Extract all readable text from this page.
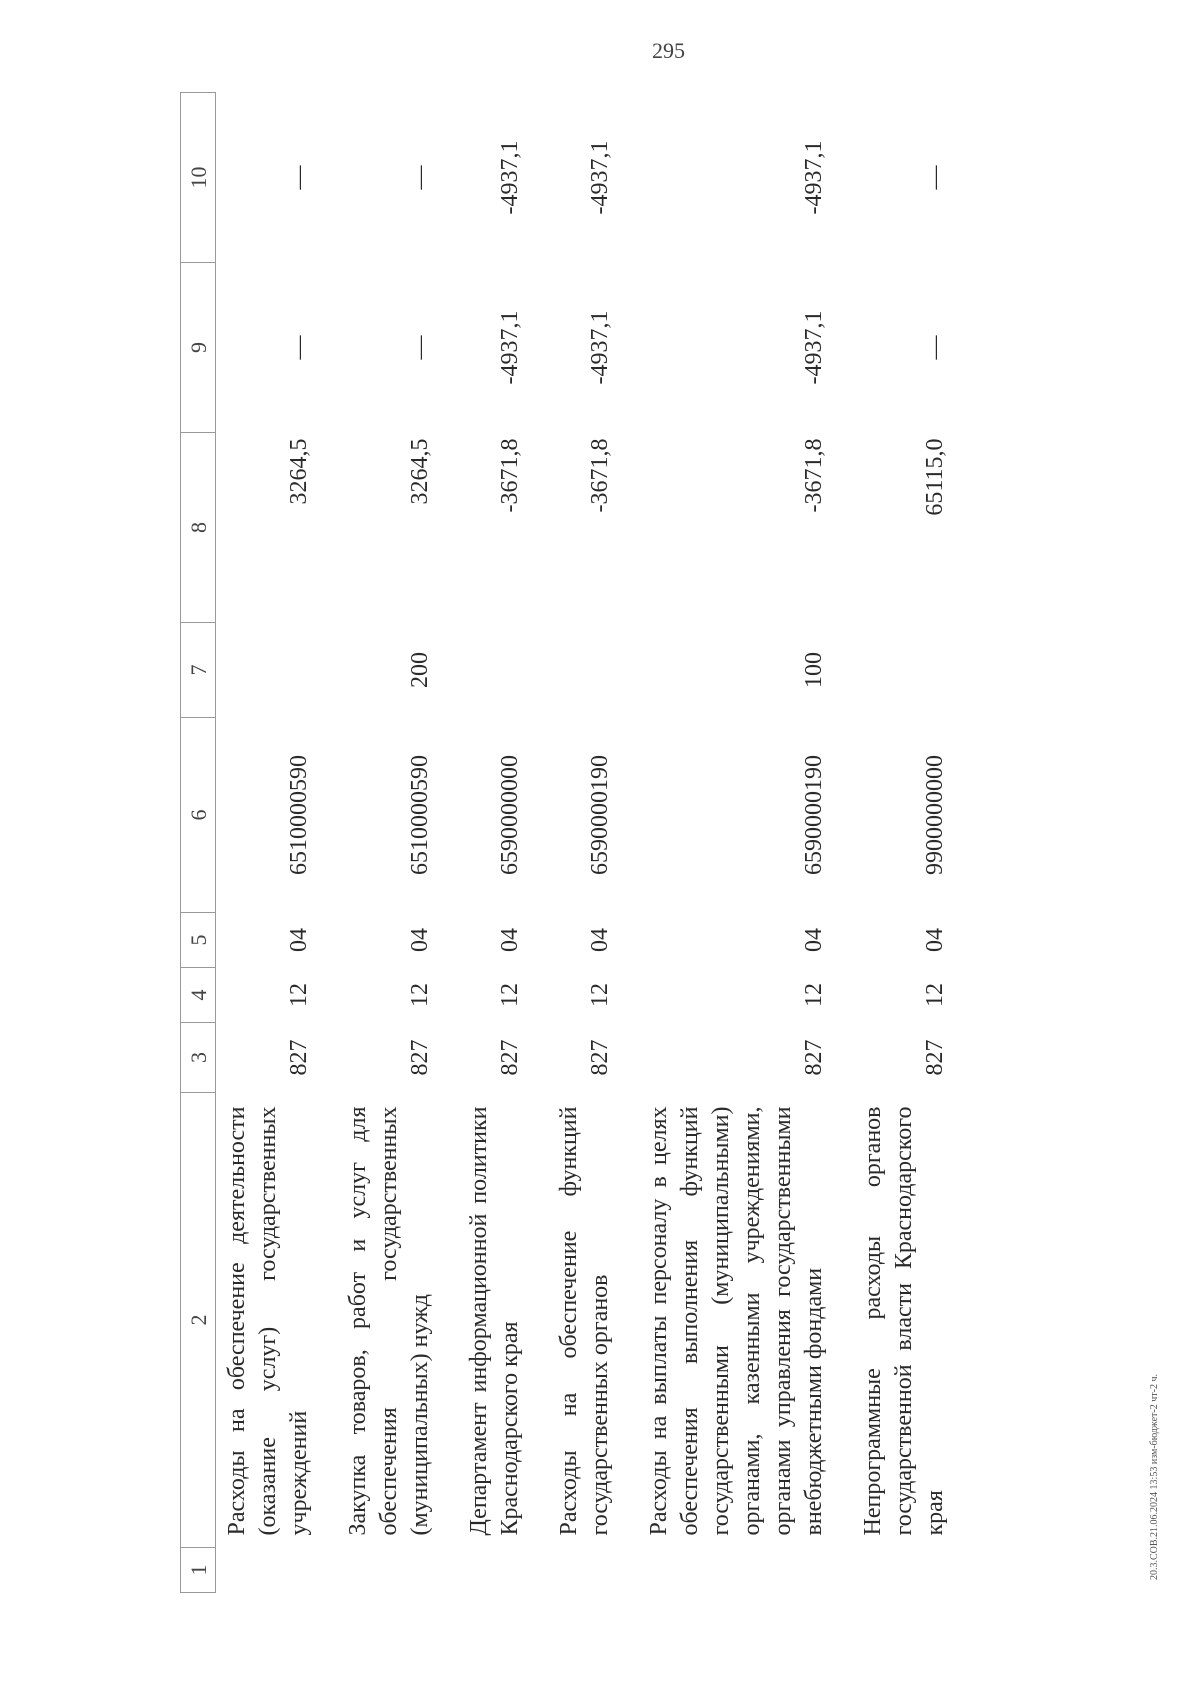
295
1	2	3	4	5	6	7	8	9	10
	Расходы на обеспечение деятельности (оказание услуг) государственных учреждений	827	12	04	6510000590		3264,5	—	—
	Закупка товаров, работ и услуг для обеспечения государственных (муниципальных) нужд	827	12	04	6510000590	200	3264,5	—	—
	Департамент информационной политики Краснодарского края	827	12	04	6590000000		-3671,8	-4937,1	-4937,1
	Расходы на обеспечение функций государственных органов	827	12	04	6590000190		-3671,8	-4937,1	-4937,1
	Расходы на выплаты персоналу в целях обеспечения выполнения функций государственными (муниципальными) органами, казенными учреждениями, органами управления государственными внебюджетными фондами	827	12	04	6590000190	100	-3671,8	-4937,1	-4937,1
	Непрограммные расходы органов государственной власти Краснодарского края	827	12	04	9900000000		65115,0	—	—
20.3.COB.21.06.2024 13:53 изм-бюджет-2 чт-2 ч.
